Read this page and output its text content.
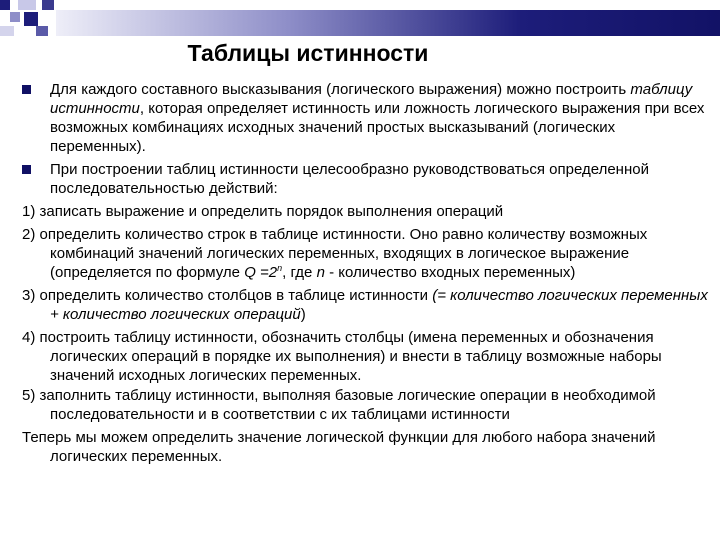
Таблицы истинности
Для каждого составного высказывания (логического выражения) можно построить таблицу истинности, которая определяет истинность или ложность логического выражения при всех возможных комбинациях исходных значений простых высказываний (логических переменных).
При построении таблиц истинности целесообразно руководствоваться определенной последовательностью действий:
1) записать выражение и определить порядок выполнения операций
2) определить количество строк в таблице истинности. Оно равно количеству возможных комбинаций значений логических переменных, входящих в логическое выражение (определяется по формуле $Q =2^n$, где n - количество входных переменных)
3) определить количество столбцов в таблице истинности (= количество логических переменных + количество логических операций)
4) построить таблицу истинности, обозначить столбцы (имена переменных и обозначения логических операций в порядке их выполнения) и внести в таблицу возможные наборы значений исходных логических переменных.
5) заполнить таблицу истинности, выполняя базовые логические операции в необходимой последовательности и в соответствии с их таблицами истинности
Теперь мы можем определить значение логической функции для любого набора значений логических переменных.
